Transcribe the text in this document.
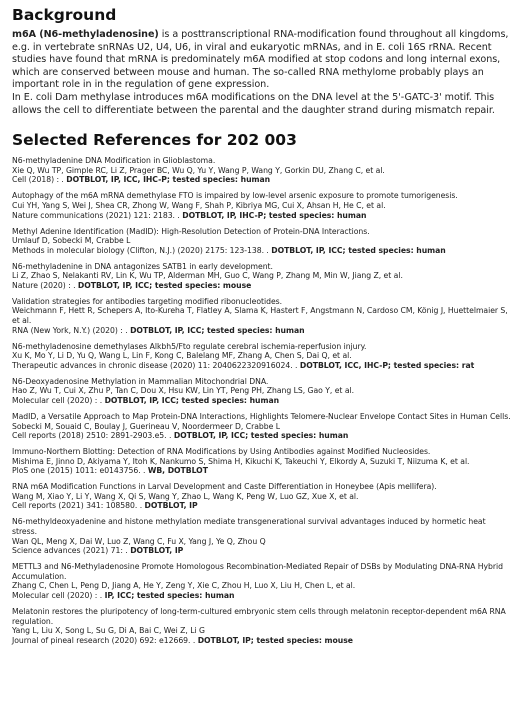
Background

m6A (N6-methyladenosine) is a posttranscriptional RNA-modification found throughout all kingdoms, e.g. in vertebrate snRNAs U2, U4, U6, in viral and eukaryotic mRNAs, and in E. coli 16S rRNA. Recent studies have found that mRNA is predominately m6A modified at stop codons and long internal exons, which are conserved between mouse and human. The so-called RNA methylome probably plays an important role in in the regulation of gene expression.

In E. coli Dam methylase introduces m6A modifications on the DNA level at the 5'-GATC-3' motif. This allows the cell to differentiate between the parental and the daughter strand during mismatch repair.

Selected References for 202 003
N6-methyladenine DNA Modification in Glioblastoma.
Xie Q, Wu TP, Gimple RC, Li Z, Prager BC, Wu Q, Yu Y, Wang P, Wang Y, Gorkin DU, Zhang C, et al.
Cell (2018) : . DOTBLOT, IP, ICC, IHC-P; tested species: human
Autophagy of the m6A mRNA demethylase FTO is impaired by low-level arsenic exposure to promote tumorigenesis.
Cui YH, Yang S, Wei J, Shea CR, Zhong W, Wang F, Shah P, Kibriya MG, Cui X, Ahsan H, He C, et al.
Nature communications (2021) 121: 2183. . DOTBLOT, IP, IHC-P; tested species: human
Methyl Adenine Identification (MadID): High-Resolution Detection of Protein-DNA Interactions.
Umlauf D, Sobecki M, Crabbe L
Methods in molecular biology (Clifton, N.J.) (2020) 2175: 123-138. . DOTBLOT, IP, ICC; tested species: human
N6-methyladenine in DNA antagonizes SATB1 in early development.
Li Z, Zhao S, Nelakanti RV, Lin K, Wu TP, Alderman MH, Guo C, Wang P, Zhang M, Min W, Jiang Z, et al.
Nature (2020) : . DOTBLOT, IP, ICC; tested species: mouse
Validation strategies for antibodies targeting modified ribonucleotides.
Weichmann F, Hett R, Schepers A, Ito-Kureha T, Flatley A, Slama K, Hastert F, Angstmann N, Cardoso CM, König J, Huettelmaier S, et al.
RNA (New York, N.Y.) (2020) : . DOTBLOT, IP, ICC; tested species: human
N6-methyladenosine demethylases Alkbh5/Fto regulate cerebral ischemia-reperfusion injury.
Xu K, Mo Y, Li D, Yu Q, Wang L, Lin F, Kong C, Balelang MF, Zhang A, Chen S, Dai Q, et al.
Therapeutic advances in chronic disease (2020) 11: 2040622320916024. . DOTBLOT, ICC, IHC-P; tested species: rat
N6-Deoxyadenosine Methylation in Mammalian Mitochondrial DNA.
Hao Z, Wu T, Cui X, Zhu P, Tan C, Dou X, Hsu KW, Lin YT, Peng PH, Zhang LS, Gao Y, et al.
Molecular cell (2020) : . DOTBLOT, IP, ICC; tested species: human
MadID, a Versatile Approach to Map Protein-DNA Interactions, Highlights Telomere-Nuclear Envelope Contact Sites in Human Cells.
Sobecki M, Souaid C, Boulay J, Guerineau V, Noordermeer D, Crabbe L
Cell reports (2018) 2510: 2891-2903.e5. . DOTBLOT, IP, ICC; tested species: human
Immuno-Northern Blotting: Detection of RNA Modifications by Using Antibodies against Modified Nucleosides.
Mishima E, Jinno D, Akiyama Y, Itoh K, Nankumo S, Shima H, Kikuchi K, Takeuchi Y, Elkordy A, Suzuki T, Niizuma K, et al.
PloS one (2015) 1011: e0143756. . WB, DOTBLOT
RNA m6A Modification Functions in Larval Development and Caste Differentiation in Honeybee (Apis mellifera).
Wang M, Xiao Y, Li Y, Wang X, Qi S, Wang Y, Zhao L, Wang K, Peng W, Luo GZ, Xue X, et al.
Cell reports (2021) 341: 108580. . DOTBLOT, IP
N6-methyldeoxyadenine and histone methylation mediate transgenerational survival advantages induced by hormetic heat stress.
Wan QL, Meng X, Dai W, Luo Z, Wang C, Fu X, Yang J, Ye Q, Zhou Q
Science advances (2021) 71: . DOTBLOT, IP
METTL3 and N6-Methyladenosine Promote Homologous Recombination-Mediated Repair of DSBs by Modulating DNA-RNA Hybrid Accumulation.
Zhang C, Chen L, Peng D, Jiang A, He Y, Zeng Y, Xie C, Zhou H, Luo X, Liu H, Chen L, et al.
Molecular cell (2020) : . IP, ICC; tested species: human
Melatonin restores the pluripotency of long-term-cultured embryonic stem cells through melatonin receptor-dependent m6A RNA regulation.
Yang L, Liu X, Song L, Su G, Di A, Bai C, Wei Z, Li G
Journal of pineal research (2020) 692: e12669. . DOTBLOT, IP; tested species: mouse
